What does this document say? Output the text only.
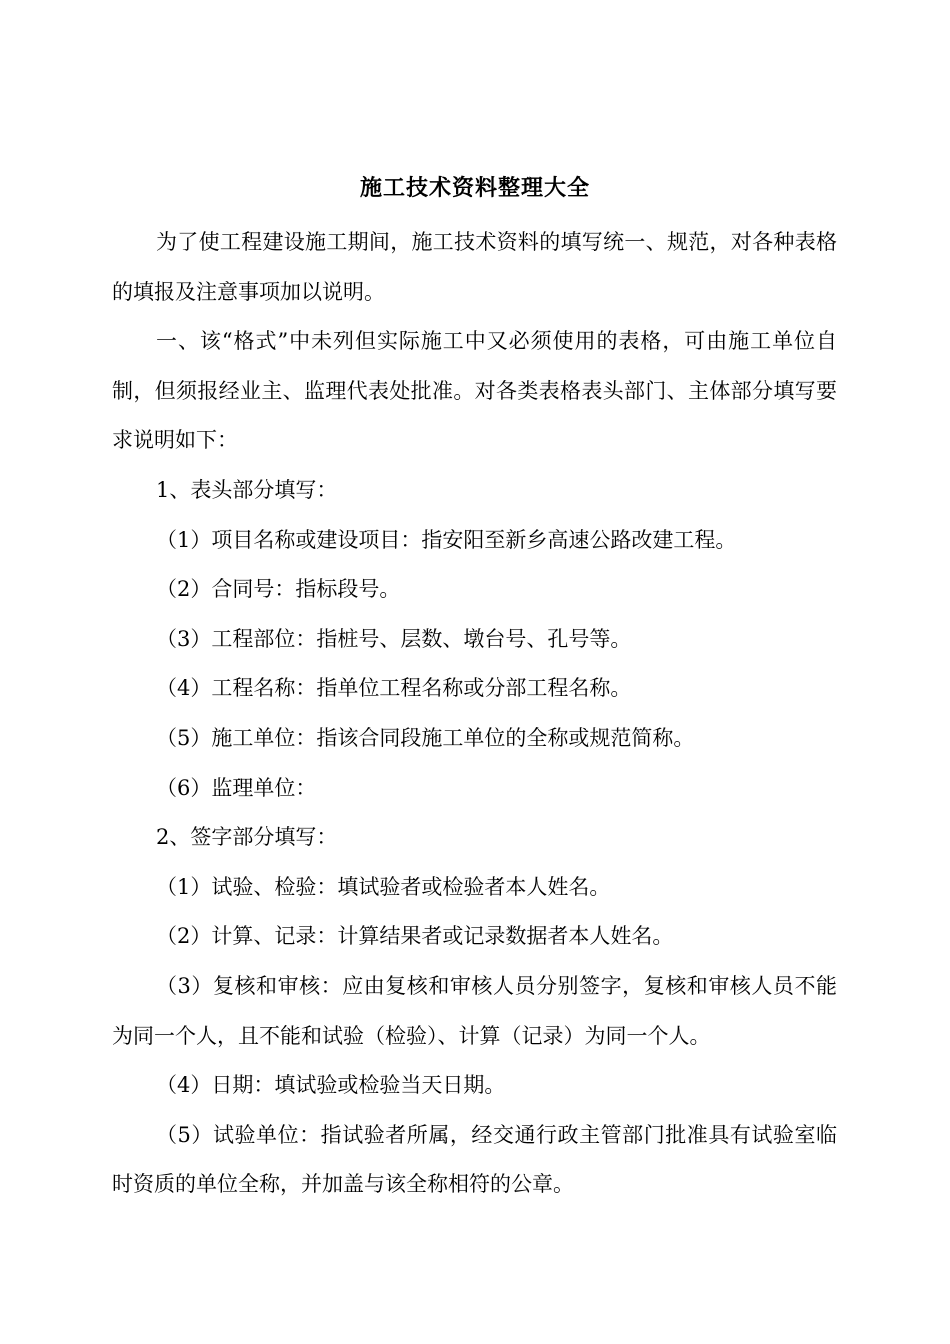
施工技术资料整理大全

为了使工程建设施工期间，施工技术资料的填写统一、规范，对各种表格的填报及注意事项加以说明。

一、该“格式”中未列但实际施工中又必须使用的表格，可由施工单位自制，但须报经业主、监理代表处批准。对各类表格表头部门、主体部分填写要求说明如下：

1、表头部分填写：

（1）项目名称或建设项目：指安阳至新乡高速公路改建工程。

（2）合同号：指标段号。

（3）工程部位：指桩号、层数、墩台号、孔号等。

（4）工程名称：指单位工程名称或分部工程名称。

（5）施工单位：指该合同段施工单位的全称或规范简称。

（6）监理单位：

2、签字部分填写：

（1）试验、检验：填试验者或检验者本人姓名。

（2）计算、记录：计算结果者或记录数据者本人姓名。

（3）复核和审核：应由复核和审核人员分别签字，复核和审核人员不能为同一个人，且不能和试验（检验）、计算（记录）为同一个人。

（4）日期：填试验或检验当天日期。

（5）试验单位：指试验者所属，经交通行政主管部门批准具有试验室临时资质的单位全称，并加盖与该全称相符的公章。
